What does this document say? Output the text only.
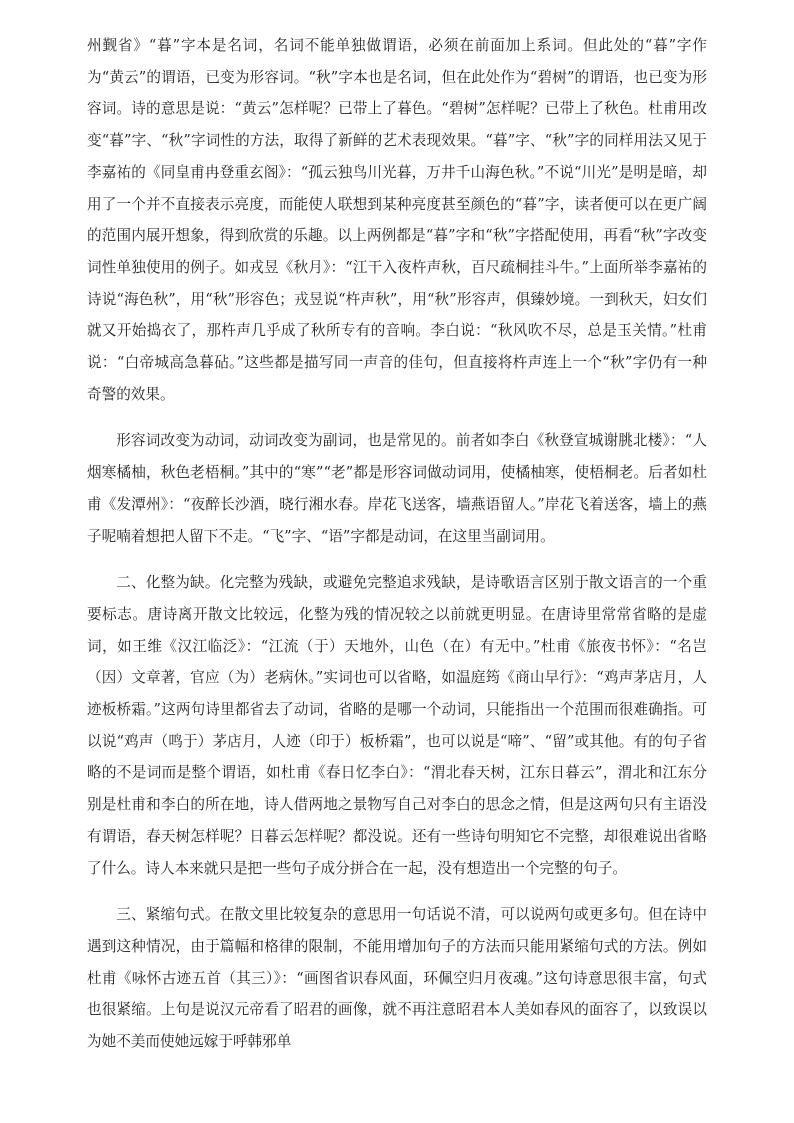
州觐省》“暮”字本是名词，名词不能单独做谓语，必须在前面加上系词。但此处的“暮”字作为“黄云”的谓语，已变为形容词。“秋”字本也是名词，但在此处作为“碧树”的谓语，也已变为形容词。诗的意思是说：“黄云”怎样呢？已带上了暮色。“碧树”怎样呢？已带上了秋色。杜甫用改变“暮”字、“秋”字词性的方法，取得了新鲜的艺术表现效果。“暮”字、“秋”字的同样用法又见于李嘉祐的《同皇甫冉登重玄阁》：“孤云独鸟川光暮，万井千山海色秋。”不说“川光”是明是暗，却用了一个并不直接表示亮度，而能使人联想到某种亮度甚至颜色的“暮”字，读者便可以在更广阔的范围内展开想象，得到欣赏的乐趣。以上两例都是“暮”字和“秋”字搭配使用，再看“秋”字改变词性单独使用的例子。如戎昱《秋月》：“江干入夜杵声秋，百尺疏桐挂斗牛。”上面所举李嘉祐的诗说“海色秋”，用“秋”形容色；戎昱说“杵声秋”，用“秋”形容声，俱臻妙境。一到秋天，妇女们就又开始捣衣了，那杵声几乎成了秋所专有的音响。李白说：“秋风吹不尽，总是玉关情。”杜甫说：“白帝城高急暮砧。”这些都是描写同一声音的佳句，但直接将杵声连上一个“秋”字仍有一种奇警的效果。

形容词改变为动词，动词改变为副词，也是常见的。前者如李白《秋登宣城谢朓北楼》：“人烟寒橘柚，秋色老梧桐。”其中的“寒”“老”都是形容词做动词用，使橘柚寒，使梧桐老。后者如杜甫《发潭州》：“夜醉长沙酒，晓行湘水春。岸花飞送客，墙燕语留人。”岸花飞着送客，墙上的燕子呢喃着想把人留下不走。“飞”字、“语”字都是动词，在这里当副词用。

二、化整为缺。化完整为残缺，或避免完整追求残缺，是诗歌语言区别于散文语言的一个重要标志。唐诗离开散文比较远，化整为残的情况较之以前就更明显。在唐诗里常常省略的是虚词，如王维《汉江临泛》：“江流（于）天地外，山色（在）有无中。”杜甫《旅夜书怀》：“名岂（因）文章著，官应（为）老病休。”实词也可以省略，如温庭筠《商山早行》：“鸡声茅店月，人迹板桥霜。”这两句诗里都省去了动词，省略的是哪一个动词，只能指出一个范围而很难确指。可以说“鸡声（鸣于）茅店月，人迹（印于）板桥霜”，也可以说是“啼”、“留”或其他。有的句子省略的不是词而是整个谓语，如杜甫《春日忆李白》：“渭北春天树，江东日暮云”，渭北和江东分别是杜甫和李白的所在地，诗人借两地之景物写自己对李白的思念之情，但是这两句只有主语没有谓语，春天树怎样呢？日暮云怎样呢？都没说。还有一些诗句明知它不完整，却很难说出省略了什么。诗人本来就只是把一些句子成分拼合在一起，没有想造出一个完整的句子。

三、紧缩句式。在散文里比较复杂的意思用一句话说不清，可以说两句或更多句。但在诗中遇到这种情况，由于篇幅和格律的限制，不能用增加句子的方法而只能用紧缩句式的方法。例如杜甫《咏怀古迹五首（其三）》：“画图省识春风面，环佩空归月夜魂。”这句诗意思很丰富，句式也很紧缩。上句是说汉元帝看了昭君的画像，就不再注意昭君本人美如春风的面容了，以致误以为她不美而使她远嫁于呼韩邪单
